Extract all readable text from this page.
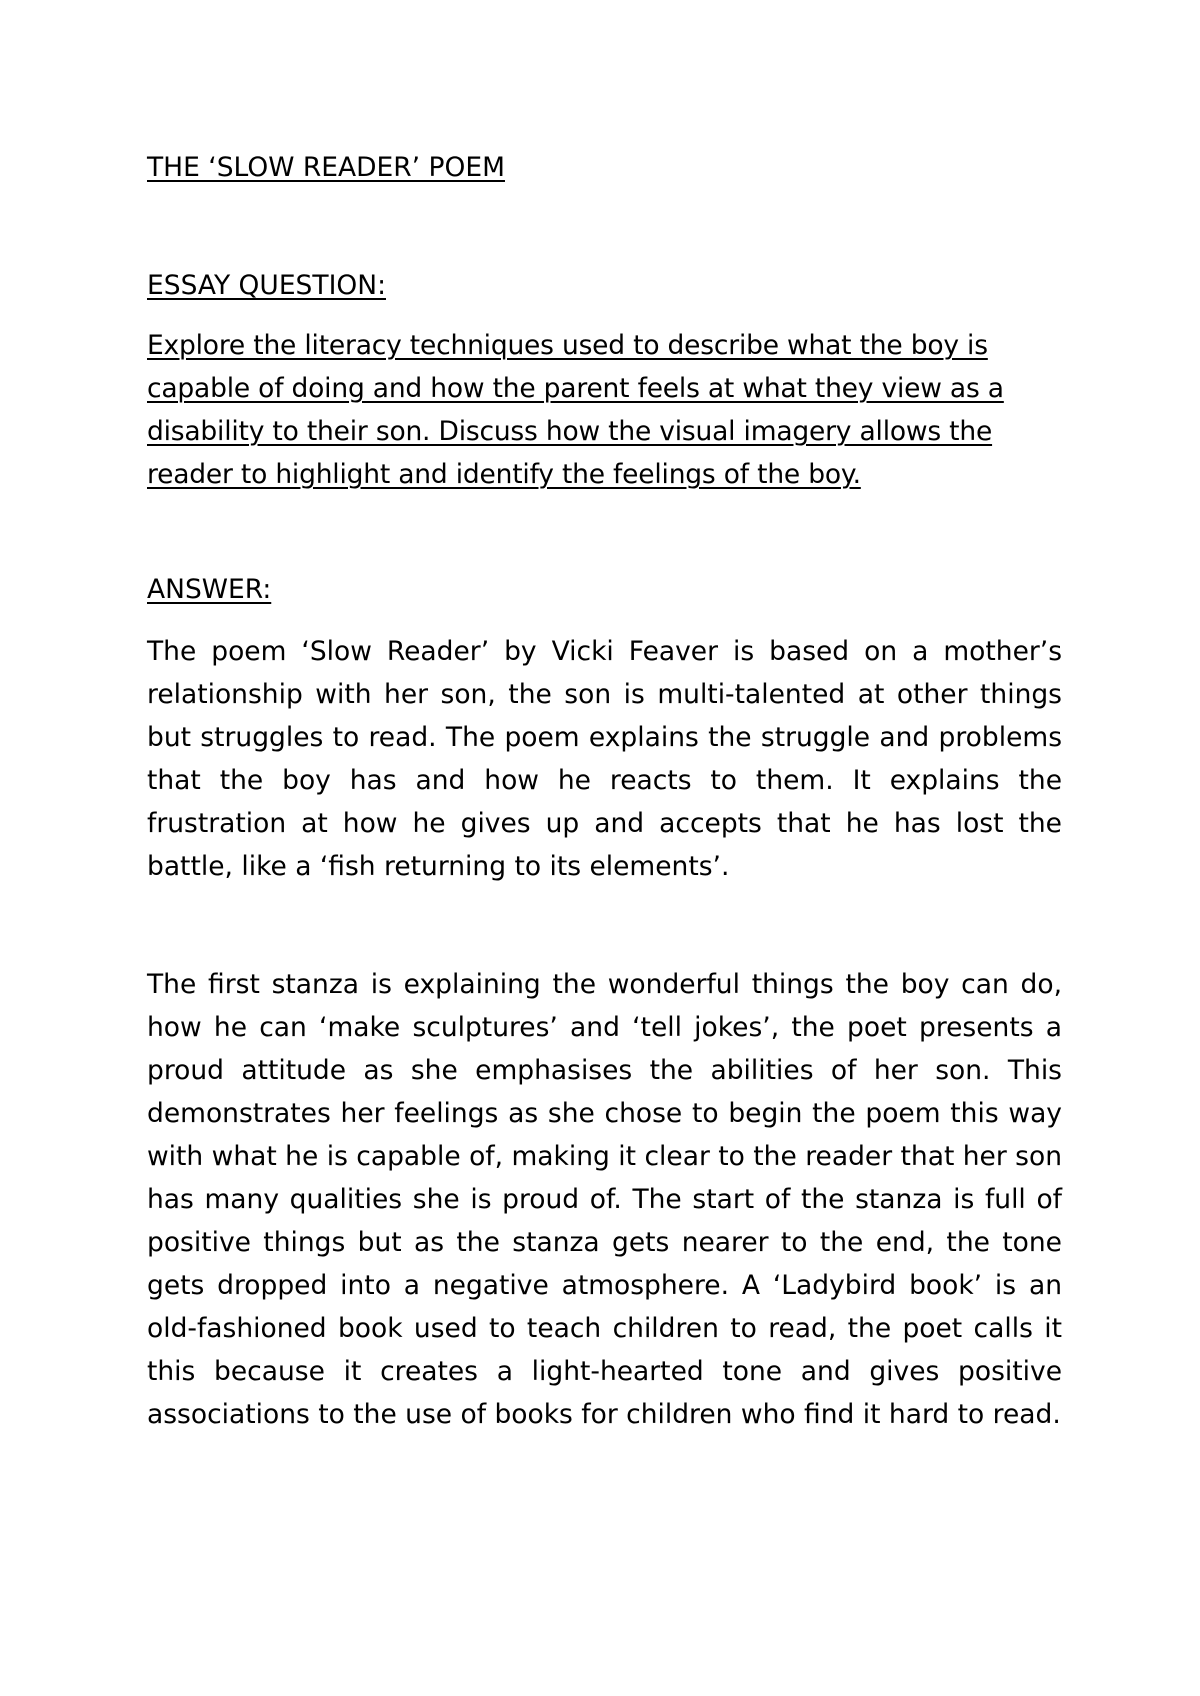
THE ‘SLOW READER’ POEM
ESSAY QUESTION:
Explore the literacy techniques used to describe what the boy is capable of doing and how the parent feels at what they view as a disability to their son. Discuss how the visual imagery allows the reader to highlight and identify the feelings of the boy.
ANSWER:
The poem ‘Slow Reader’ by Vicki Feaver is based on a mother’s relationship with her son, the son is multi-talented at other things but struggles to read. The poem explains the struggle and problems that the boy has and how he reacts to them. It explains the frustration at how he gives up and accepts that he has lost the battle, like a ‘fish returning to its elements’.
The first stanza is explaining the wonderful things the boy can do, how he can ‘make sculptures’ and ‘tell jokes’, the poet presents a proud attitude as she emphasises the abilities of her son. This demonstrates her feelings as she chose to begin the poem this way with what he is capable of, making it clear to the reader that her son has many qualities she is proud of. The start of the stanza is full of positive things but as the stanza gets nearer to the end, the tone gets dropped into a negative atmosphere. A ‘Ladybird book’ is an old-fashioned book used to teach children to read, the poet calls it this because it creates a light-hearted tone and gives positive associations to the use of books for children who find it hard to read.
